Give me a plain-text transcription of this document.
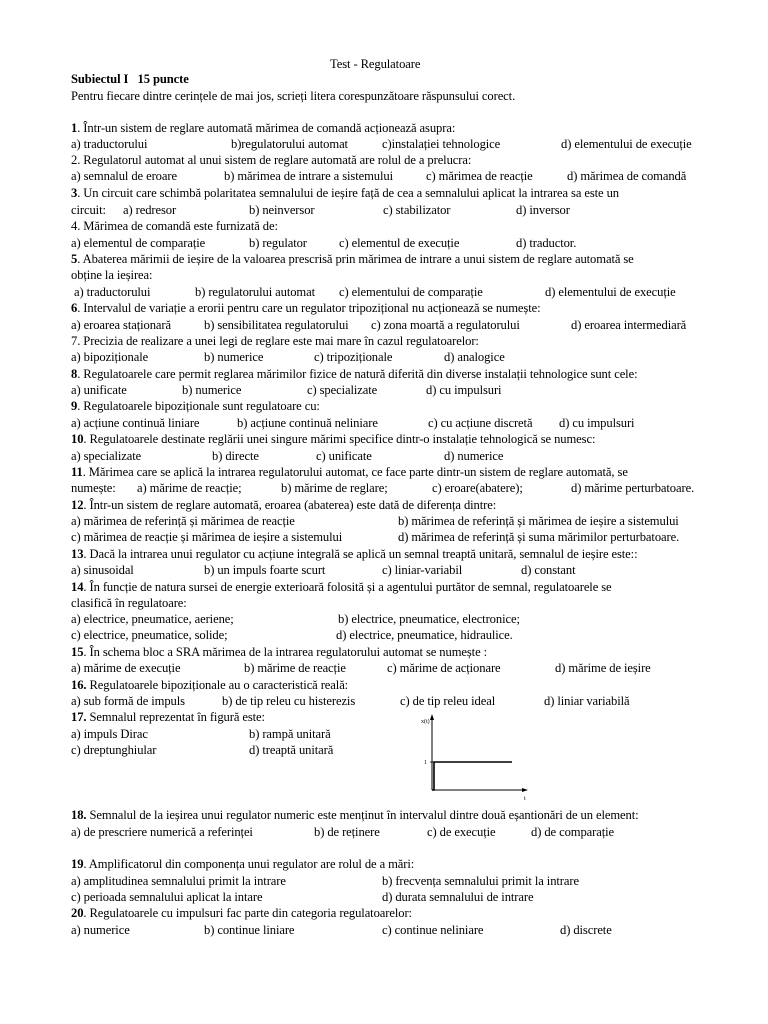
Test - Regulatoare
Subiectul I 15 puncte
Pentru fiecare dintre cerințele de mai jos, scrieți litera corespunzătoare răspunsului corect.
1. Într-un sistem de reglare automată mărimea de comandă acționează asupra:
a) traductorului	b)regulatorului automat	c)instalației tehnologice	d) elementului de execuție
2. Regulatorul automat al unui sistem de reglare automată are rolul de a prelucra:
a) semnalul de eroare	b) mărimea de intrare a sistemului	c) mărimea de reacție	d) mărimea de comandă
3. Un circuit care schimbă polaritatea semnalului de ieșire față de cea a semnalului aplicat la intrarea sa este un
circuit: a) redresor	b) neinversor	c) stabilizator	d) inversor
4. Mărimea de comandă este furnizată de:
a) elementul de comparație	b) regulator	c) elementul de execuție	d) traductor.
5. Abaterea mărimii de ieșire de la valoarea prescrisă prin mărimea de intrare a unui sistem de reglare automată se
obține la ieșirea:
a) traductorului	b) regulatorului automat c) elementului de comparație	d) elementului de execuție
6. Intervalul de variație a erorii pentru care un regulator tripozițional nu acționează se numește:
a) eroarea staționară	b) sensibilitatea regulatorului c) zona moartă a regulatorului	d) eroarea intermediară
7. Precizia de realizare a unei legi de reglare este mai mare în cazul regulatoarelor:
a) bipoziționale	b) numerice	c) tripoziționale	d) analogice
8. Regulatoarele care permit reglarea mărimilor fizice de natură diferită din diverse instalații tehnologice sunt cele:
a) unificate	b) numerice	c) specializate	d) cu impulsuri
9. Regulatoarele bipoziționale sunt regulatoare cu:
a) acțiune continuă liniare	b) acțiune continuă neliniare	c) cu acțiune discretă d) cu impulsuri
10. Regulatoarele destinate reglării unei singure mărimi specifice dintr-o instalație tehnologică se numesc:
a) specializate	b) directe	c) unificate	d) numerice
11. Mărimea care se aplică la intrarea regulatorului automat, ce face parte dintr-un sistem de reglare automată, se
numește: a) mărime de reacție;	b) mărime de reglare;	c) eroare(abatere);	d) mărime perturbatoare.
12. Într-un sistem de reglare automată, eroarea (abaterea) este dată de diferența dintre:
a) mărimea de referință și mărimea de reacție	b) mărimea de referință și mărimea de ieșire a sistemului
c) mărimea de reacție și mărimea de ieșire a sistemului	d) mărimea de referință și suma mărimilor perturbatoare.
13. Dacă la intrarea unui regulator cu acțiune integrală se aplică un semnal treaptă unitară, semnalul de ieșire este::
a) sinusoidal	b) un impuls foarte scurt	c) liniar-variabil	d) constant
14. În funcție de natura sursei de energie exterioară folosită și a agentului purtător de semnal, regulatoarele se
clasifică în regulatoare:
a) electrice, pneumatice, aeriene;	b) electrice, pneumatice, electronice;
c) electrice, pneumatice, solide;	d) electrice, pneumatice, hidraulice.
15. În schema bloc a SRA mărimea de la intrarea regulatorului automat se numește :
a) mărime de execuție	b) mărime de reacție	c) mărime de acționare	d) mărime de ieșire
16. Regulatoarele bipoziționale au o caracteristică reală:
a) sub formă de impuls	b) de tip releu cu histerezis	c) de tip releu ideal	d) liniar variabilă
17. Semnalul reprezentat în figură este:
a) impuls Dirac	b) rampă unitară
c) dreptunghiular	d) treaptă unitară
x(t)
1
t
18. Semnalul de la ieșirea unui regulator numeric este menținut în intervalul dintre două eșantionări de un element:
a) de prescriere numerică a referinței	b) de reținere	c) de execuție	d) de comparație
19. Amplificatorul din componența unui regulator are rolul de a mări:
a) amplitudinea semnalului primit la intrare	b) frecvența semnalului primit la intrare
c) perioada semnalului aplicat la intare	d) durata semnalului de intrare
20. Regulatoarele cu impulsuri fac parte din categoria regulatoarelor:
a) numerice	b) continue liniare	c) continue neliniare	d) discrete
